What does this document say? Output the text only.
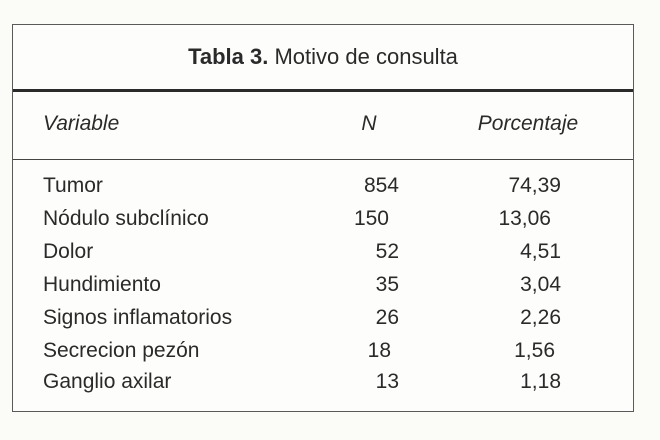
Tabla 3. Motivo de consulta
Variable	N	Porcentaje
Tumor	854	74,39
Nódulo subclínico	150	13,06
Dolor	52	4,51
Hundimiento	35	3,04
Signos inflamatorios	26	2,26
Secrecion pezón	18	1,56
Ganglio axilar	13	1,18
